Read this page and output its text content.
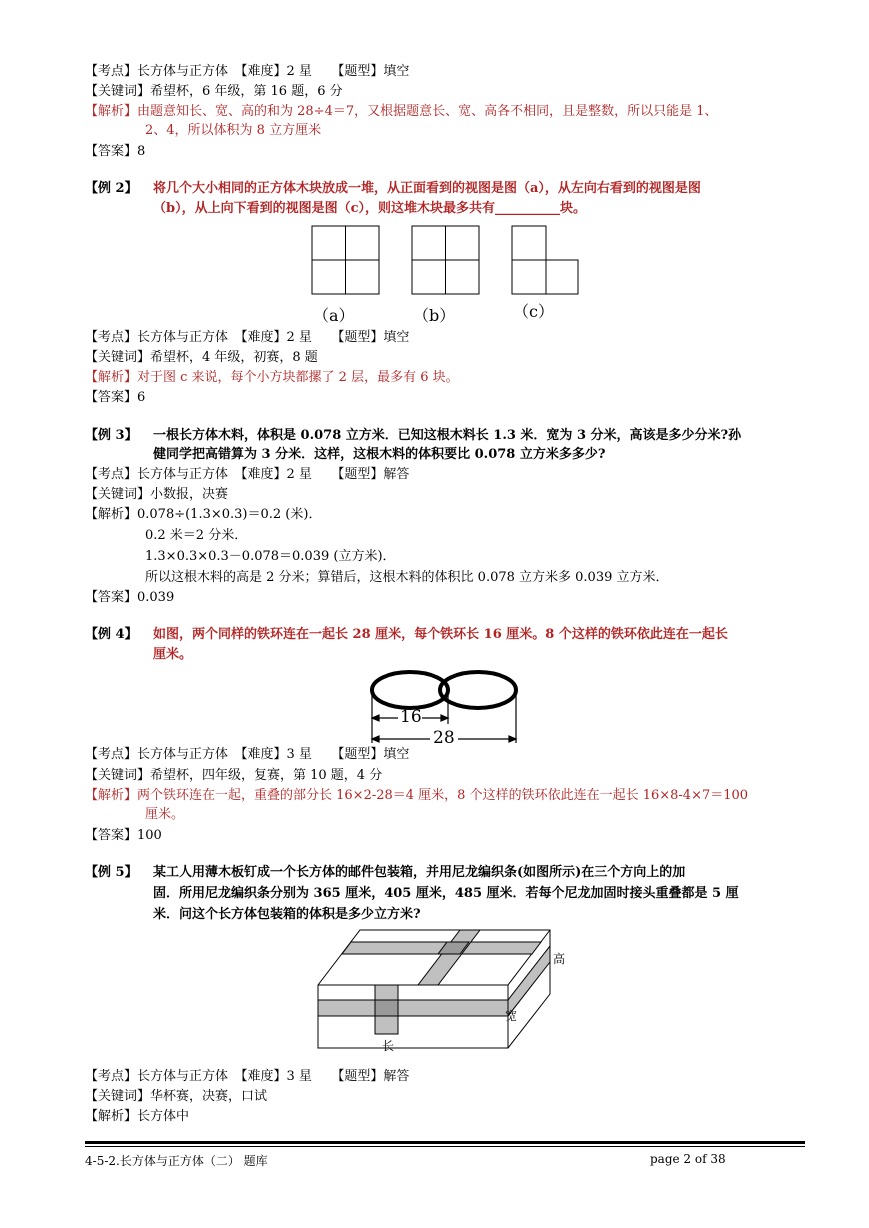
【考点】长方体与正方体　【难度】2 星　　【题型】填空
【关键词】希望杯，6 年级，第 16 题，6 分
【解析】由题意知长、宽、高的和为 28÷4＝7，又根据题意长、宽、高各不相同，且是整数，所以只能是 1、
2、4，所以体积为 8 立方厘米
【答案】8
【例 2】 将几个大小相同的正方体木块放成一堆，从正面看到的视图是图（a），从左向右看到的视图是图
（b），从上向下看到的视图是图（c），则这堆木块最多共有__________块。
（a）	（b）	（c）
【考点】长方体与正方体　【难度】2 星　　【题型】填空
【关键词】希望杯，4 年级，初赛，8 题
【解析】对于图 c 来说，每个小方块都摞了 2 层，最多有 6 块。
【答案】6
【例 3】 一根长方体木料，体积是 0.078 立方米．已知这根木料长 1.3 米．宽为 3 分米，高该是多少分米?孙
健同学把高错算为 3 分米．这样，这根木料的体积要比 0.078 立方米多多少?
【考点】长方体与正方体　【难度】2 星　　【题型】解答
【关键词】小数报，决赛
【解析】0.078÷(1.3×0.3)＝0.2 (米)．
0.2 米＝2 分米．
1.3×0.3×0.3－0.078＝0.039 (立方米)．
所以这根木料的高是 2 分米；算错后，这根木料的体积比 0.078 立方米多 0.039 立方米．
【答案】0.039
【例 4】 如图，两个同样的铁环连在一起长 28 厘米，每个铁环长 16 厘米。8 个这样的铁环依此连在一起长
厘米。
16
28
【考点】长方体与正方体　【难度】3 星　　【题型】填空
【关键词】希望杯，四年级，复赛，第 10 题，4 分
【解析】两个铁环连在一起，重叠的部分长 16×2-28＝4 厘米，8 个这样的铁环依此连在一起长 16×8-4×7＝100
厘米。
【答案】100
【例 5】 某工人用薄木板钉成一个长方体的邮件包装箱，并用尼龙编织条(如图所示)在三个方向上的加
固．所用尼龙编织条分别为 365 厘米，405 厘米，485 厘米．若每个尼龙加固时接头重叠都是 5 厘
米．问这个长方体包装箱的体积是多少立方米?
高
宽
长
【考点】长方体与正方体　【难度】3 星　　【题型】解答
【关键词】华杯赛，决赛，口试
【解析】长方体中
4-5-2.长方体与正方体（二） 题库	page 2 of 38
